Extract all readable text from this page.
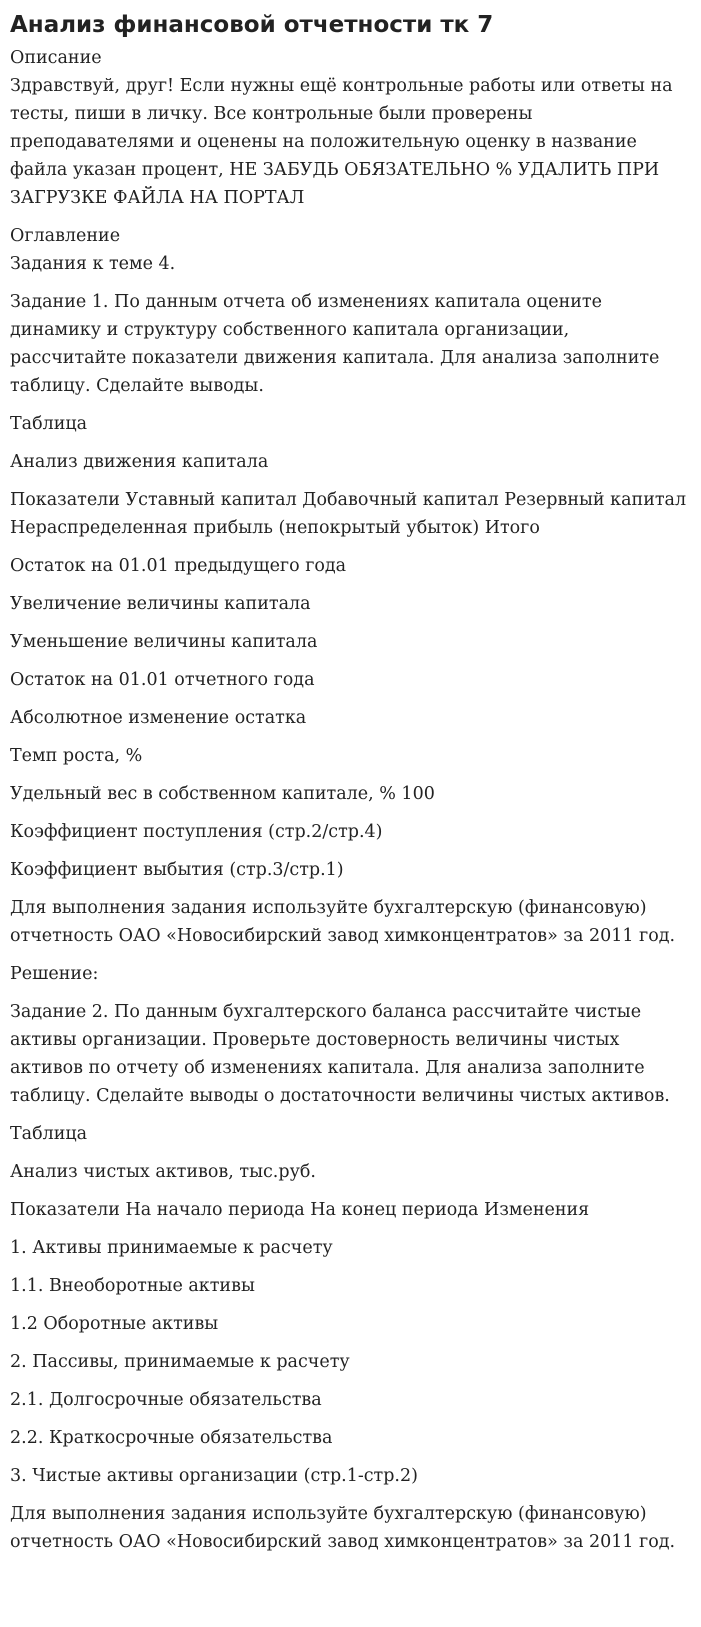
Анализ финансовой отчетности тк 7

Описание

Здравствуй, друг! Если нужны ещё контрольные работы или ответы на тесты, пиши в личку. Все контрольные были проверены преподавателями и оценены на положительную оценку в название файла указан процент, НЕ ЗАБУДЬ ОБЯЗАТЕЛЬНО % УДАЛИТЬ ПРИ ЗАГРУЗКЕ ФАЙЛА НА ПОРТАЛ

Оглавление

Задания к теме 4.

Задание 1. По данным отчета об изменениях капитала оцените динамику и структуру собственного капитала организации, рассчитайте показатели движения капитала. Для анализа заполните таблицу. Сделайте выводы.

Таблица

Анализ движения капитала

Показатели Уставный капитал Добавочный капитал Резервный капитал Нераспределенная прибыль (непокрытый убыток) Итого

Остаток на 01.01 предыдущего года

Увеличение величины капитала

Уменьшение величины капитала

Остаток на 01.01 отчетного года

Абсолютное изменение остатка

Темп роста, %

Удельный вес в собственном капитале, % 100

Коэффициент поступления (стр.2/стр.4)

Коэффициент выбытия (стр.3/стр.1)

Для выполнения задания используйте бухгалтерскую (финансовую) отчетность ОАО «Новосибирский завод химконцентратов» за 2011 год.

Решение:

Задание 2. По данным бухгалтерского баланса рассчитайте чистые активы организации. Проверьте достоверность величины чистых активов по отчету об изменениях капитала. Для анализа заполните таблицу. Сделайте выводы о достаточности величины чистых активов.

Таблица

Анализ чистых активов, тыс.руб.

Показатели На начало периода На конец периода Изменения

1. Активы принимаемые к расчету

1.1. Внеоборотные активы

1.2 Оборотные активы

2. Пассивы, принимаемые к расчету

2.1. Долгосрочные обязательства

2.2. Краткосрочные обязательства

3. Чистые активы организации (стр.1-стр.2)

Для выполнения задания используйте бухгалтерскую (финансовую) отчетность ОАО «Новосибирский завод химконцентратов» за 2011 год.
